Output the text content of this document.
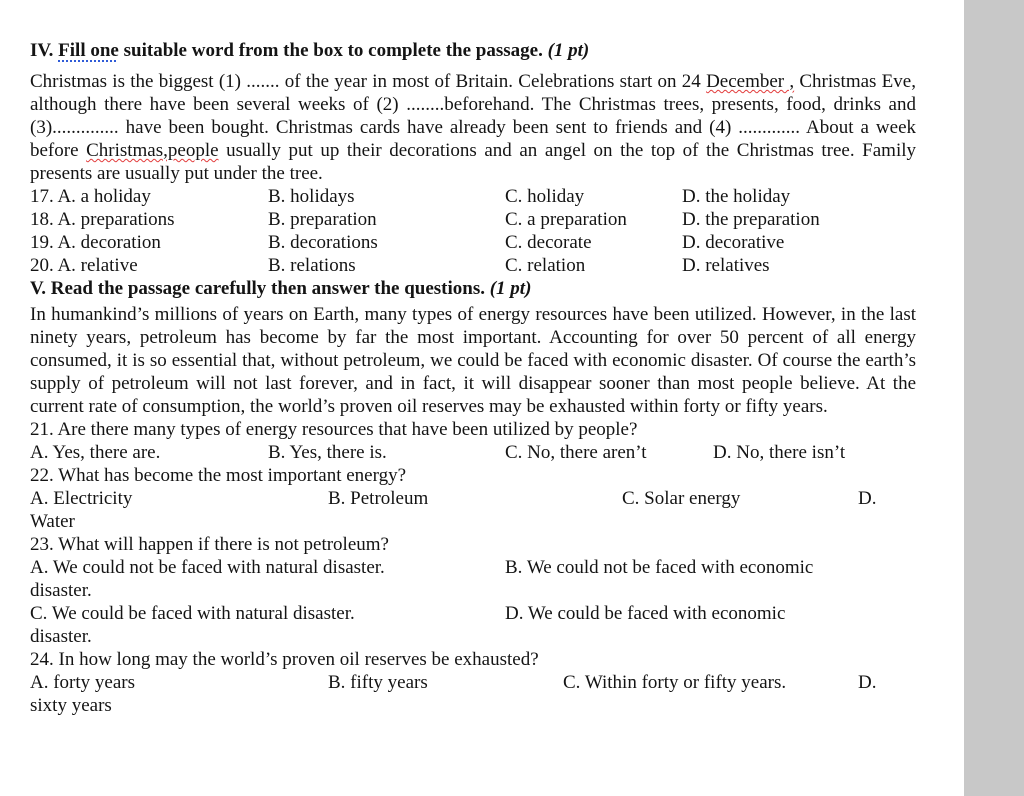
IV. Fill one suitable word from the box to complete the passage. (1 pt)

Christmas is the biggest (1) ....... of the year in most of Britain. Celebrations start on 24 December , Christmas Eve, although there have been several weeks of (2) ........beforehand. The Christmas trees, presents, food, drinks and (3).............. have been bought. Christmas cards have already been sent to friends and (4) ............. About a week before Christmas,people usually put up their decorations and an angel on the top of the Christmas tree. Family presents are usually put under the tree.

17. A. a holiday	B. holidays	C. holiday	D. the holiday
18. A. preparations	B. preparation	C. a preparation	D. the preparation
19. A. decoration	B. decorations	C. decorate	D. decorative
20. A. relative	B. relations	C. relation	D. relatives

V. Read the passage carefully then answer the questions. (1 pt)

In humankind’s millions of years on Earth, many types of energy resources have been utilized. However, in the last ninety years, petroleum has become by far the most important. Accounting for over 50 percent of all energy consumed, it is so essential that, without petroleum, we could be faced with economic disaster. Of course the earth’s supply of petroleum will not last forever, and in fact, it will disappear sooner than most people believe. At the current rate of consumption, the world’s proven oil reserves may be exhausted within forty or fifty years.

21. Are there many types of energy resources that have been utilized by people?

A. Yes, there are.	B. Yes, there is.	C. No, there aren’t	D. No, there isn’t

22. What has become the most important energy?

A. Electricity	B. Petroleum	C. Solar energy	D.

Water

23. What will happen if there is not petroleum?

A. We could not be faced with natural disaster.	B. We could not be faced with economic

disaster.

C. We could be faced with natural disaster.	D. We could be faced with economic

disaster.

24. In how long may the world’s proven oil reserves be exhausted?

A. forty years	B. fifty years	C. Within forty or fifty years.	D.

sixty years
